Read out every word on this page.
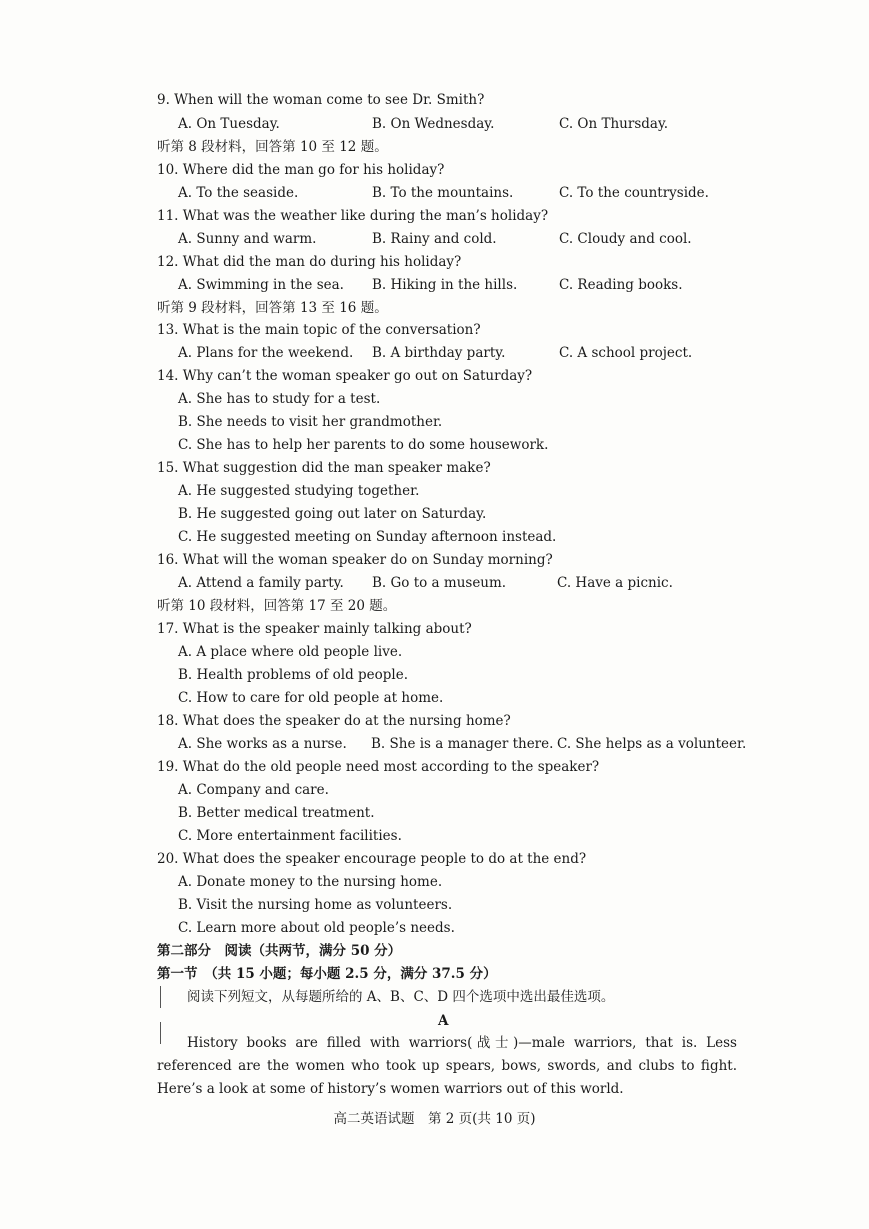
9. When will the woman come to see Dr. Smith?
A. On Tuesday.	B. On Wednesday.	C. On Thursday.
听第 8 段材料，回答第 10 至 12 题。
10. Where did the man go for his holiday?
A. To the seaside.	B. To the mountains.	C. To the countryside.
11. What was the weather like during the man’s holiday?
A. Sunny and warm.	B. Rainy and cold.	C. Cloudy and cool.
12. What did the man do during his holiday?
A. Swimming in the sea. B. Hiking in the hills.	C. Reading books.
听第 9 段材料，回答第 13 至 16 题。
13. What is the main topic of the conversation?
A. Plans for the weekend. B. A birthday party.	C. A school project.
14. Why can’t the woman speaker go out on Saturday?
A. She has to study for a test.
B. She needs to visit her grandmother.
C. She has to help her parents to do some housework.
15. What suggestion did the man speaker make?
A. He suggested studying together.
B. He suggested going out later on Saturday.
C. He suggested meeting on Sunday afternoon instead.
16. What will the woman speaker do on Sunday morning?
A. Attend a family party. B. Go to a museum.	C. Have a picnic.
听第 10 段材料，回答第 17 至 20 题。
17. What is the speaker mainly talking about?
A. A place where old people live.
B. Health problems of old people.
C. How to care for old people at home.
18. What does the speaker do at the nursing home?
A. She works as a nurse. B. She is a manager there. C. She helps as a volunteer.
19. What do the old people need most according to the speaker?
A. Company and care.
B. Better medical treatment.
C. More entertainment facilities.
20. What does the speaker encourage people to do at the end?
A. Donate money to the nursing home.
B. Visit the nursing home as volunteers.
C. Learn more about old people’s needs.
第二部分　阅读（共两节，满分 50 分）
第一节　（共 15 小题；每小题 2.5 分，满分 37.5 分）
阅读下列短文，从每题所给的 A、B、C、D 四个选项中选出最佳选项。
A
History books are filled with warriors(战士)—male warriors, that is. Less referenced are the women who took up spears, bows, swords, and clubs to fight. Here’s a look at some of history’s women warriors out of this world.
高二英语试题　第 2 页(共 10 页)
